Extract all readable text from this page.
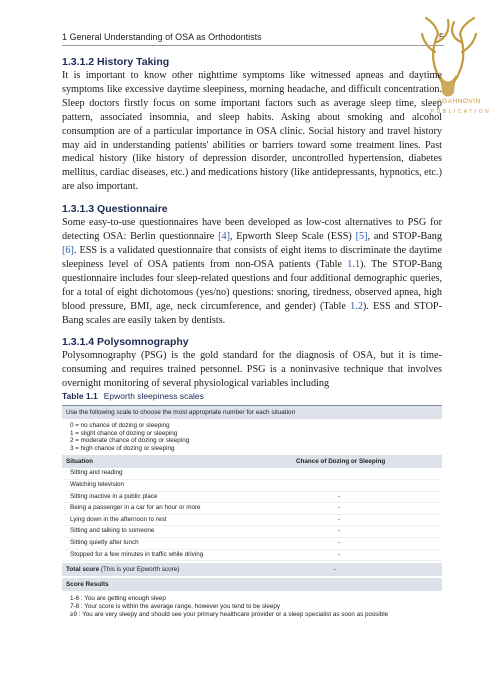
1 General Understanding of OSA as Orthodontists	5
AGAHNOVIN
PUBLICATION
1.3.1.2 History Taking

It is important to know other nighttime symptoms like witnessed apneas and daytime symptoms like excessive daytime sleepiness, morning headache, and difficult concentration. Sleep doctors firstly focus on some important factors such as average sleep time, sleep pattern, associated insomnia, and sleep habits. Asking about smoking and alcohol consumption are of a particular importance in OSA clinic. Social history and travel history may aid in understanding patients' abilities or barriers toward some treatment lines. Past medical history (like history of depression disorder, uncontrolled hypertension, diabetes mellitus, cardiac diseases, etc.) and medications history (like antidepressants, hypnotics, etc.) are also important.

1.3.1.3 Questionnaire

Some easy-to-use questionnaires have been developed as low-cost alternatives to PSG for detecting OSA: Berlin questionnaire [4], Epworth Sleep Scale (ESS) [5], and STOP-Bang [6]. ESS is a validated questionnaire that consists of eight items to discriminate the daytime sleepiness level of OSA patients from non-OSA patients (Table 1.1). The STOP-Bang questionnaire includes four sleep-related questions and four additional demographic queries, for a total of eight dichotomous (yes/no) questions: snoring, tiredness, observed apnea, high blood pressure, BMI, age, neck circumference, and gender) (Table 1.2). ESS and STOP-Bang scales are easily taken by dentists.

1.3.1.4 Polysomnography

Polysomnography (PSG) is the gold standard for the diagnosis of OSA, but it is time-consuming and requires trained personnel. PSG is a noninvasive technique that involves overnight monitoring of several physiological variables including

Table 1.1 Epworth sleepiness scales
Use the following scale to choose the most appropriate number for each situation
0 = no chance of dozing or sleeping
1 = slight chance of dozing or sleeping
2 = moderate chance of dozing or sleeping
3 = high chance of dozing or sleeping
Situation	Chance of Dozing or Sleeping
Sitting and reading
Watching television
Sitting inactive in a public place	-
Being a passenger in a car for an hour or more	-
Lying down in the afternoon to rest	-
Sitting and talking to someone	-
Sitting quietly after lunch	-
Stopped for a few minutes in traffic while driving	-
Total score (This is your Epworth score)	-
Score Results
1-6 : You are getting enough sleep
7-8 : Your score is within the average range, however you tend to be sleepy
≥9 : You are very sleepy and should see your primary healthcare provider or a sleep specialist as soon as possible
